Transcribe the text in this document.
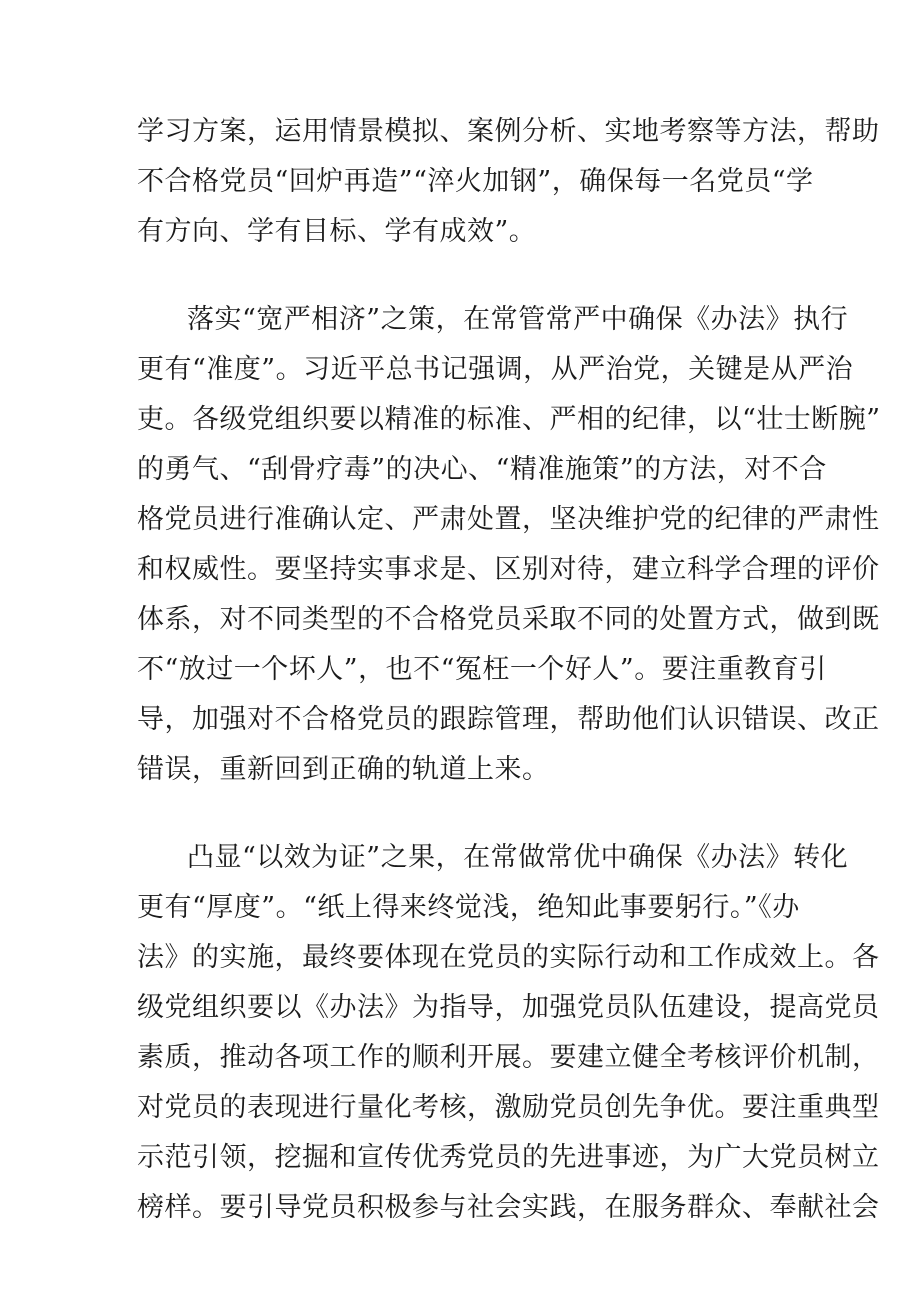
学习方案，运用情景模拟、案例分析、实地考察等方法，帮助

不合格党员“回炉再造”“淬火加钢”，确保每一名党员“学

有方向、学有目标、学有成效”。

落实“宽严相济”之策，在常管常严中确保《办法》执行

更有“准度”。习近平总书记强调，从严治党，关键是从严治

吏。各级党组织要以精准的标准、严相的纪律，以“壮士断腕”

的勇气、“刮骨疗毒”的决心、“精准施策”的方法，对不合

格党员进行准确认定、严肃处置，坚决维护党的纪律的严肃性

和权威性。要坚持实事求是、区别对待，建立科学合理的评价

体系，对不同类型的不合格党员采取不同的处置方式，做到既

不“放过一个坏人”，也不“冤枉一个好人”。要注重教育引

导，加强对不合格党员的跟踪管理，帮助他们认识错误、改正

错误，重新回到正确的轨道上来。

凸显“以效为证”之果，在常做常优中确保《办法》转化

更有“厚度”。“纸上得来终觉浅，绝知此事要躬行。”《办

法》的实施，最终要体现在党员的实际行动和工作成效上。各

级党组织要以《办法》为指导，加强党员队伍建设，提高党员

素质，推动各项工作的顺利开展。要建立健全考核评价机制，

对党员的表现进行量化考核，激励党员创先争优。要注重典型

示范引领，挖掘和宣传优秀党员的先进事迹，为广大党员树立

榜样。要引导党员积极参与社会实践，在服务群众、奉献社会
